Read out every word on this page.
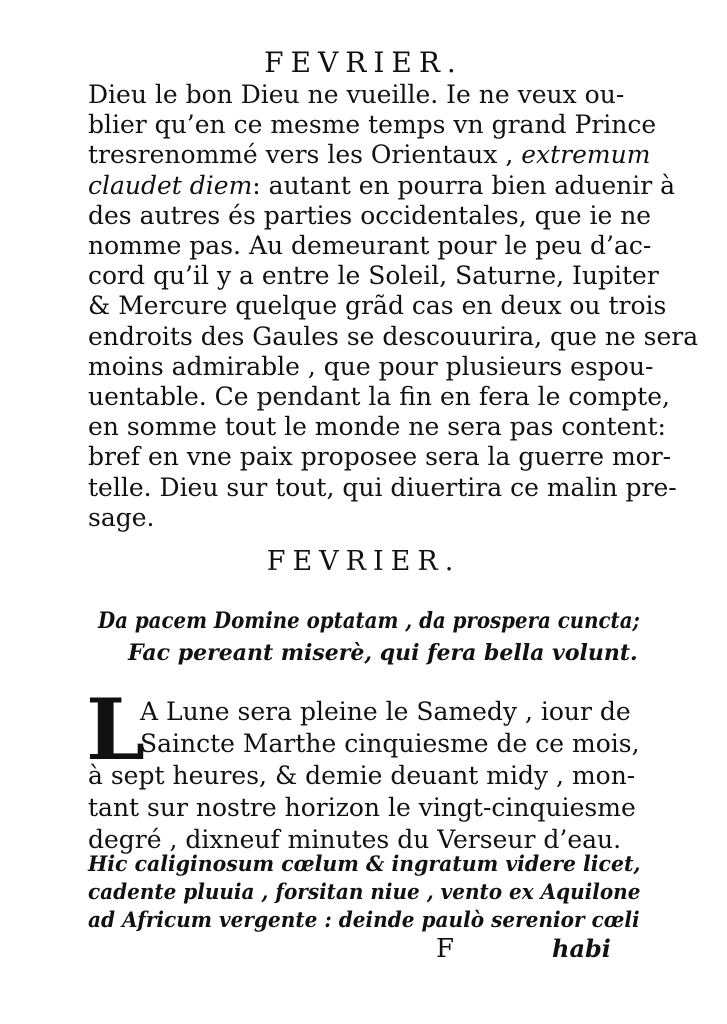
FEVRIER.
Dieu le bon Dieu ne vueille. Ie ne veux ou-
blier qu’en ce mesme temps vn grand Prince
tresrenommé vers les Orientaux , extremum
claudet diem: autant en pourra bien aduenir à
des autres és parties occidentales, que ie ne
nomme pas. Au demeurant pour le peu d’ac-
cord qu’il y a entre le Soleil, Saturne, Iupiter
& Mercure quelque grãd cas en deux ou trois
endroits des Gaules se descouurira, que ne sera
moins admirable , que pour plusieurs espou-
uentable. Ce pendant la fin en fera le compte,
en somme tout le monde ne sera pas content:
bref en vne paix proposee sera la guerre mor-
telle. Dieu sur tout, qui diuertira ce malin pre-
sage.
FEVRIER.
Da pacem Domine optatam , da prospera cuncta;
Fac pereant miserè, qui fera bella volunt.
L
A Lune sera pleine le Samedy , iour de
Saincte Marthe cinquiesme de ce mois,
à sept heures, & demie deuant midy , mon-
tant sur nostre horizon le vingt-cinquiesme
degré , dixneuf minutes du Verseur d’eau.
Hic caliginosum cœlum & ingratum videre licet,
cadente pluuia , forsitan niue , vento ex Aquilone
ad Africum vergente : deinde paulò serenior cœli
F	habi
